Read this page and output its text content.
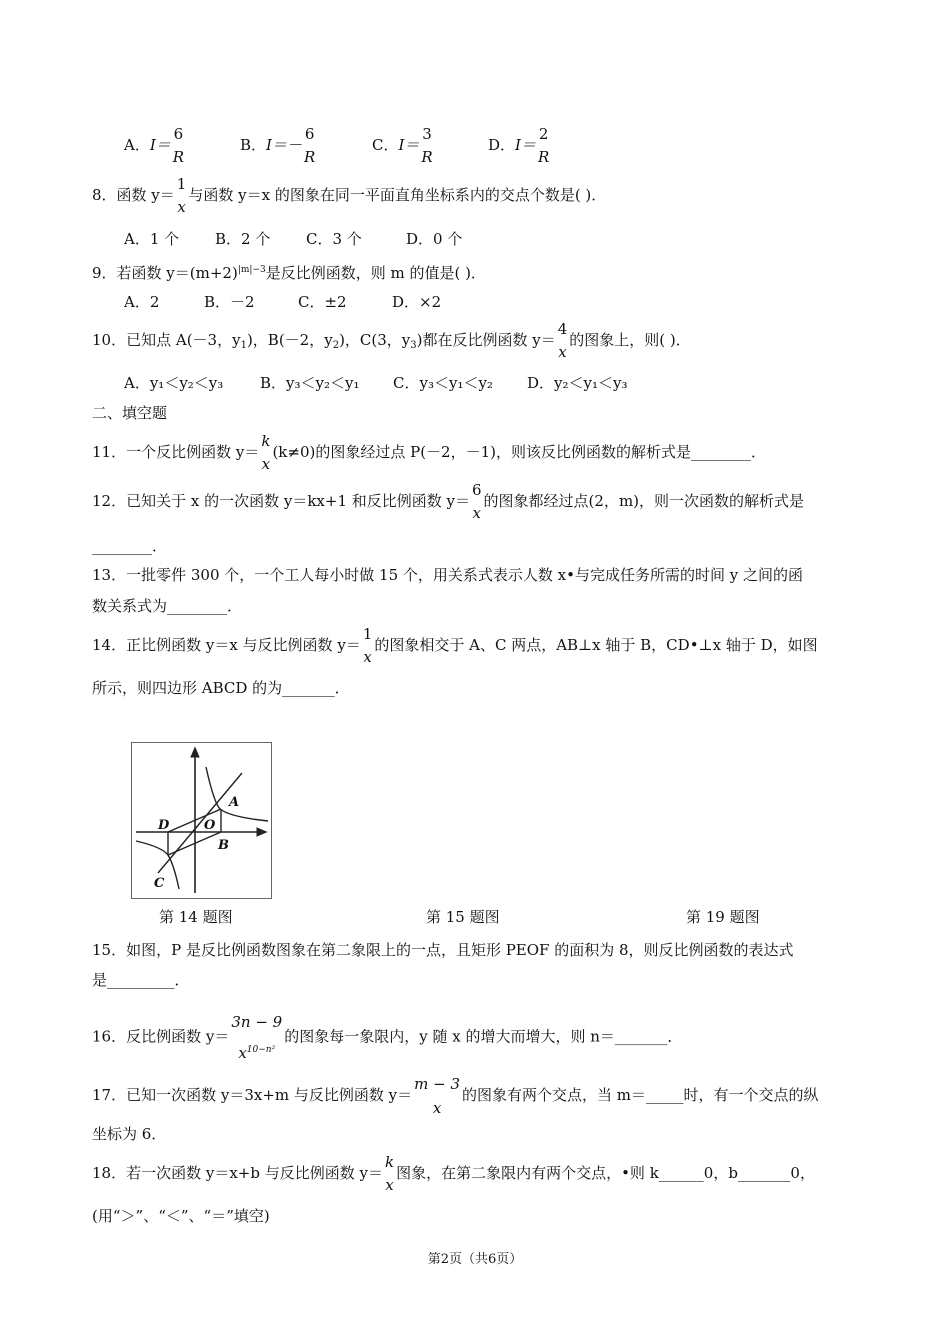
A．I＝
6
R
B．I＝－
6
R
C．I＝
3
R
D．I＝
2
R
8．函数 y＝
1
x
与函数 y＝x 的图象在同一平面直角坐标系内的交点个数是( )．
A．1 个 B．2 个 C．3 个	D．0 个
9．若函数 $y=(m+2)^{|m|-3}$是反比例函数，则 m 的值是( )．
A．2	B．－2	C．±2	D．×2
10．已知点 A(－3，$y_1$)，B(－2，$y_2$)，C(3，$y_3$)都在反比例函数 y＝
4
x
的图象上，则( )．
A．y₁＜y₂＜y₃ B．y₃＜y₂＜y₁ C．y₃＜y₁＜y₂ D．y₂＜y₁＜y₃
二、填空题
11．一个反比例函数 y＝
k
x
(k≠0)的图象经过点 P(－2，－1)，则该反比例函数的解析式是________．
12．已知关于 x 的一次函数 y＝kx+1 和反比例函数 y＝
6
x
的图象都经过点(2，m)，则一次函数的解析式是
________．
13．一批零件 300 个，一个工人每小时做 15 个，用关系式表示人数 x•与完成任务所需的时间 y 之间的函
数关系式为________．
14．正比例函数 y＝x 与反比例函数 y＝
1
x
的图象相交于 A、C 两点，AB⊥x 轴于 B，CD•⊥x 轴于 D，如图
所示，则四边形 ABCD 的为_______．
A
B
C
D	O
第 14 题图	第 15 题图	第 19 题图
15．如图，P 是反比例函数图象在第二象限上的一点，且矩形 PEOF 的面积为 8，则反比例函数的表达式
是_________．
16．反比例函数 y＝
3n − 9
$x^{10-n^2}$
的图象每一象限内，y 随 x 的增大而增大，则 n＝_______．
17．已知一次函数 y＝3x+m 与反比例函数 y＝
m − 3
x
的图象有两个交点，当 m＝_____时，有一个交点的纵
坐标为 6．
18．若一次函数 y＝x+b 与反比例函数 y＝
k
x
图象，在第二象限内有两个交点，•则 k______0，b_______0，
(用“＞”、“＜”、“＝”填空)
第2页（共6页）
